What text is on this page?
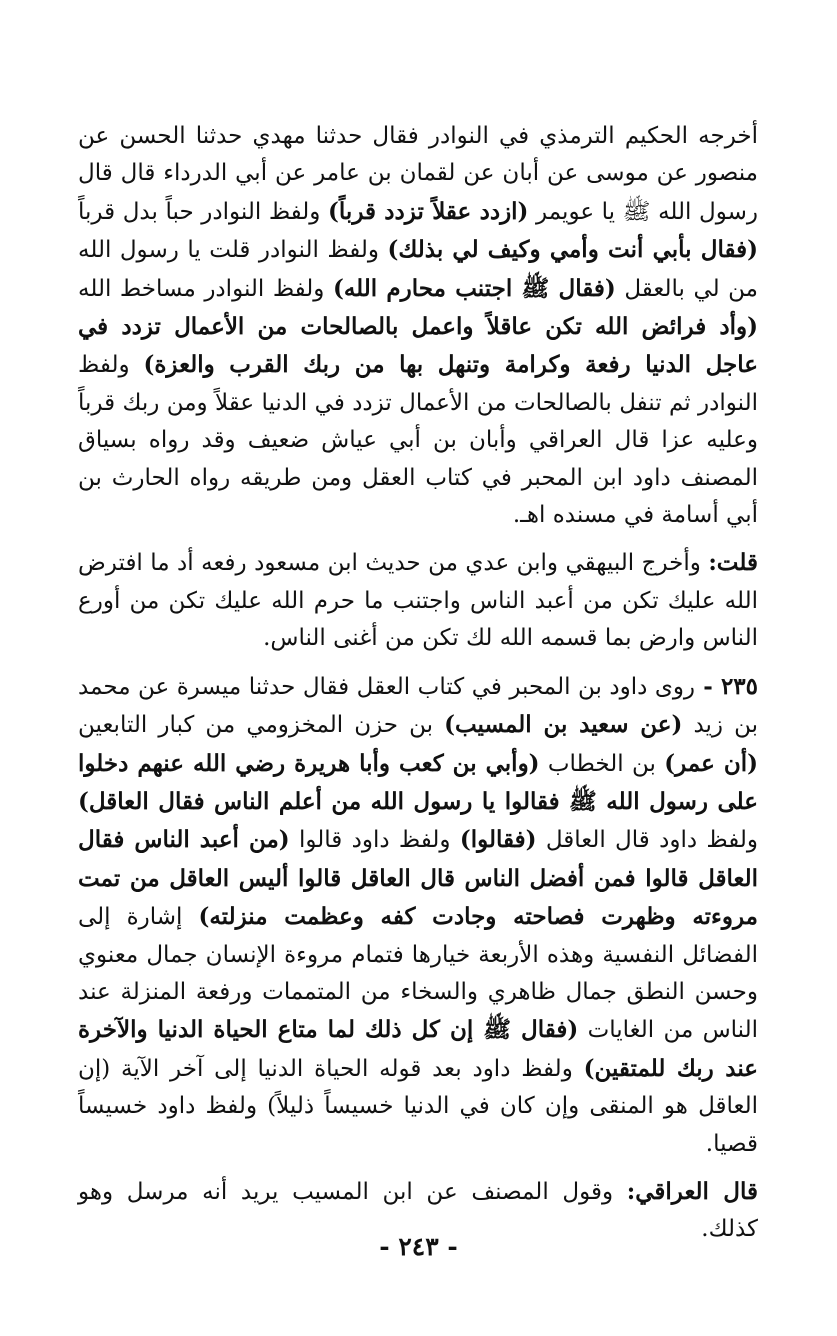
أخرجه الحكيم الترمذي في النوادر فقال حدثنا مهدي حدثنا الحسن عن منصور عن موسى عن أبان عن لقمان بن عامر عن أبي الدرداء قال قال رسول الله ﷺ يا عويمر (ازدد عقلاً تزدد قرباً) ولفظ النوادر حباً بدل قرباً (فقال بأبي أنت وأمي وكيف لي بذلك) ولفظ النوادر قلت يا رسول الله من لي بالعقل (فقال ﷺ اجتنب محارم الله) ولفظ النوادر مساخط الله (وأد فرائض الله تكن عاقلاً واعمل بالصالحات من الأعمال تزدد في عاجل الدنيا رفعة وكرامة وتنهل بها من ربك القرب والعزة) ولفظ النوادر ثم تنفل بالصالحات من الأعمال تزدد في الدنيا عقلاً ومن ربك قرباً وعليه عزا قال العراقي وأبان بن أبي عياش ضعيف وقد رواه بسياق المصنف داود ابن المحبر في كتاب العقل ومن طريقه رواه الحارث بن أبي أسامة في مسنده اهـ.

قلت: وأخرج البيهقي وابن عدي من حديث ابن مسعود رفعه أد ما افترض الله عليك تكن من أعبد الناس واجتنب ما حرم الله عليك تكن من أورع الناس وارض بما قسمه الله لك تكن من أغنى الناس.

٢٣٥ - روى داود بن المحبر في كتاب العقل فقال حدثنا ميسرة عن محمد بن زيد (عن سعيد بن المسيب) بن حزن المخزومي من كبار التابعين (أن عمر) بن الخطاب (وأبي بن كعب وأبا هريرة رضي الله عنهم دخلوا على رسول الله ﷺ فقالوا يا رسول الله من أعلم الناس فقال العاقل) ولفظ داود قال العاقل (فقالوا) ولفظ داود قالوا (من أعبد الناس فقال العاقل قالوا فمن أفضل الناس قال العاقل قالوا أليس العاقل من تمت مروءته وظهرت فصاحته وجادت كفه وعظمت منزلته) إشارة إلى الفضائل النفسية وهذه الأربعة خيارها فتمام مروءة الإنسان جمال معنوي وحسن النطق جمال ظاهري والسخاء من المتممات ورفعة المنزلة عند الناس من الغايات (فقال ﷺ إن كل ذلك لما متاع الحياة الدنيا والآخرة عند ربك للمتقين) ولفظ داود بعد قوله الحياة الدنيا إلى آخر الآية (إن العاقل هو المنقى وإن كان في الدنيا خسيساً ذليلاً) ولفظ داود خسيساً قصيا.

قال العراقي: وقول المصنف عن ابن المسيب يريد أنه مرسل وهو كذلك.

- ٢٤٣ -
